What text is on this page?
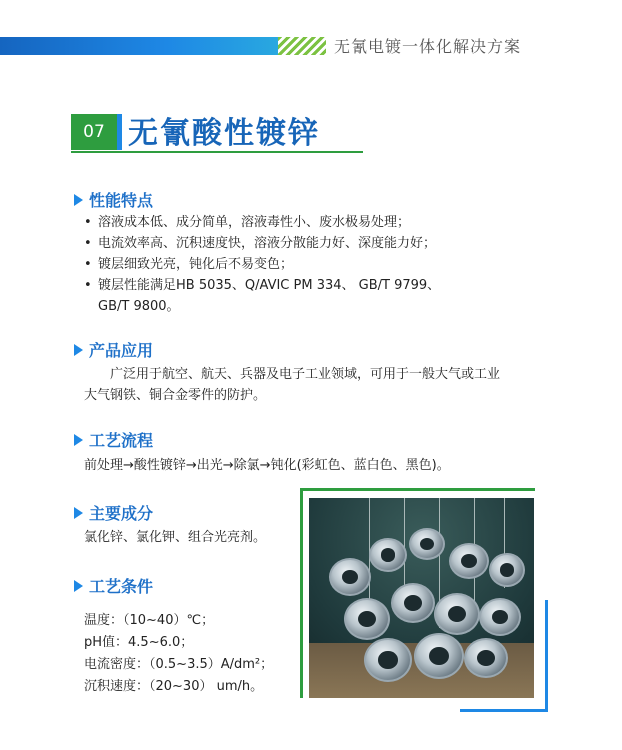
无氰电镀一体化解决方案
07 无氰酸性镀锌
性能特点
• 溶液成本低、成分简单，溶液毒性小、废水极易处理；
• 电流效率高、沉积速度快，溶液分散能力好、深度能力好；
• 镀层细致光亮，钝化后不易变色；
• 镀层性能满足HB 5035、Q/AVIC PM 334、 GB/T 9799、
GB/T 9800。
产品应用
广泛用于航空、航天、兵器及电子工业领域，可用于一般大气或工业
大气钢铁、铜合金零件的防护。
工艺流程
前处理→酸性镀锌→出光→除氯→钝化(彩虹色、蓝白色、黑色)。
主要成分
氯化锌、氯化钾、组合光亮剂。
工艺条件
温度：（10~40）℃；
pH值：4.5~6.0；
电流密度：（0.5~3.5）A/dm²；
沉积速度：（20~30） um/h。
